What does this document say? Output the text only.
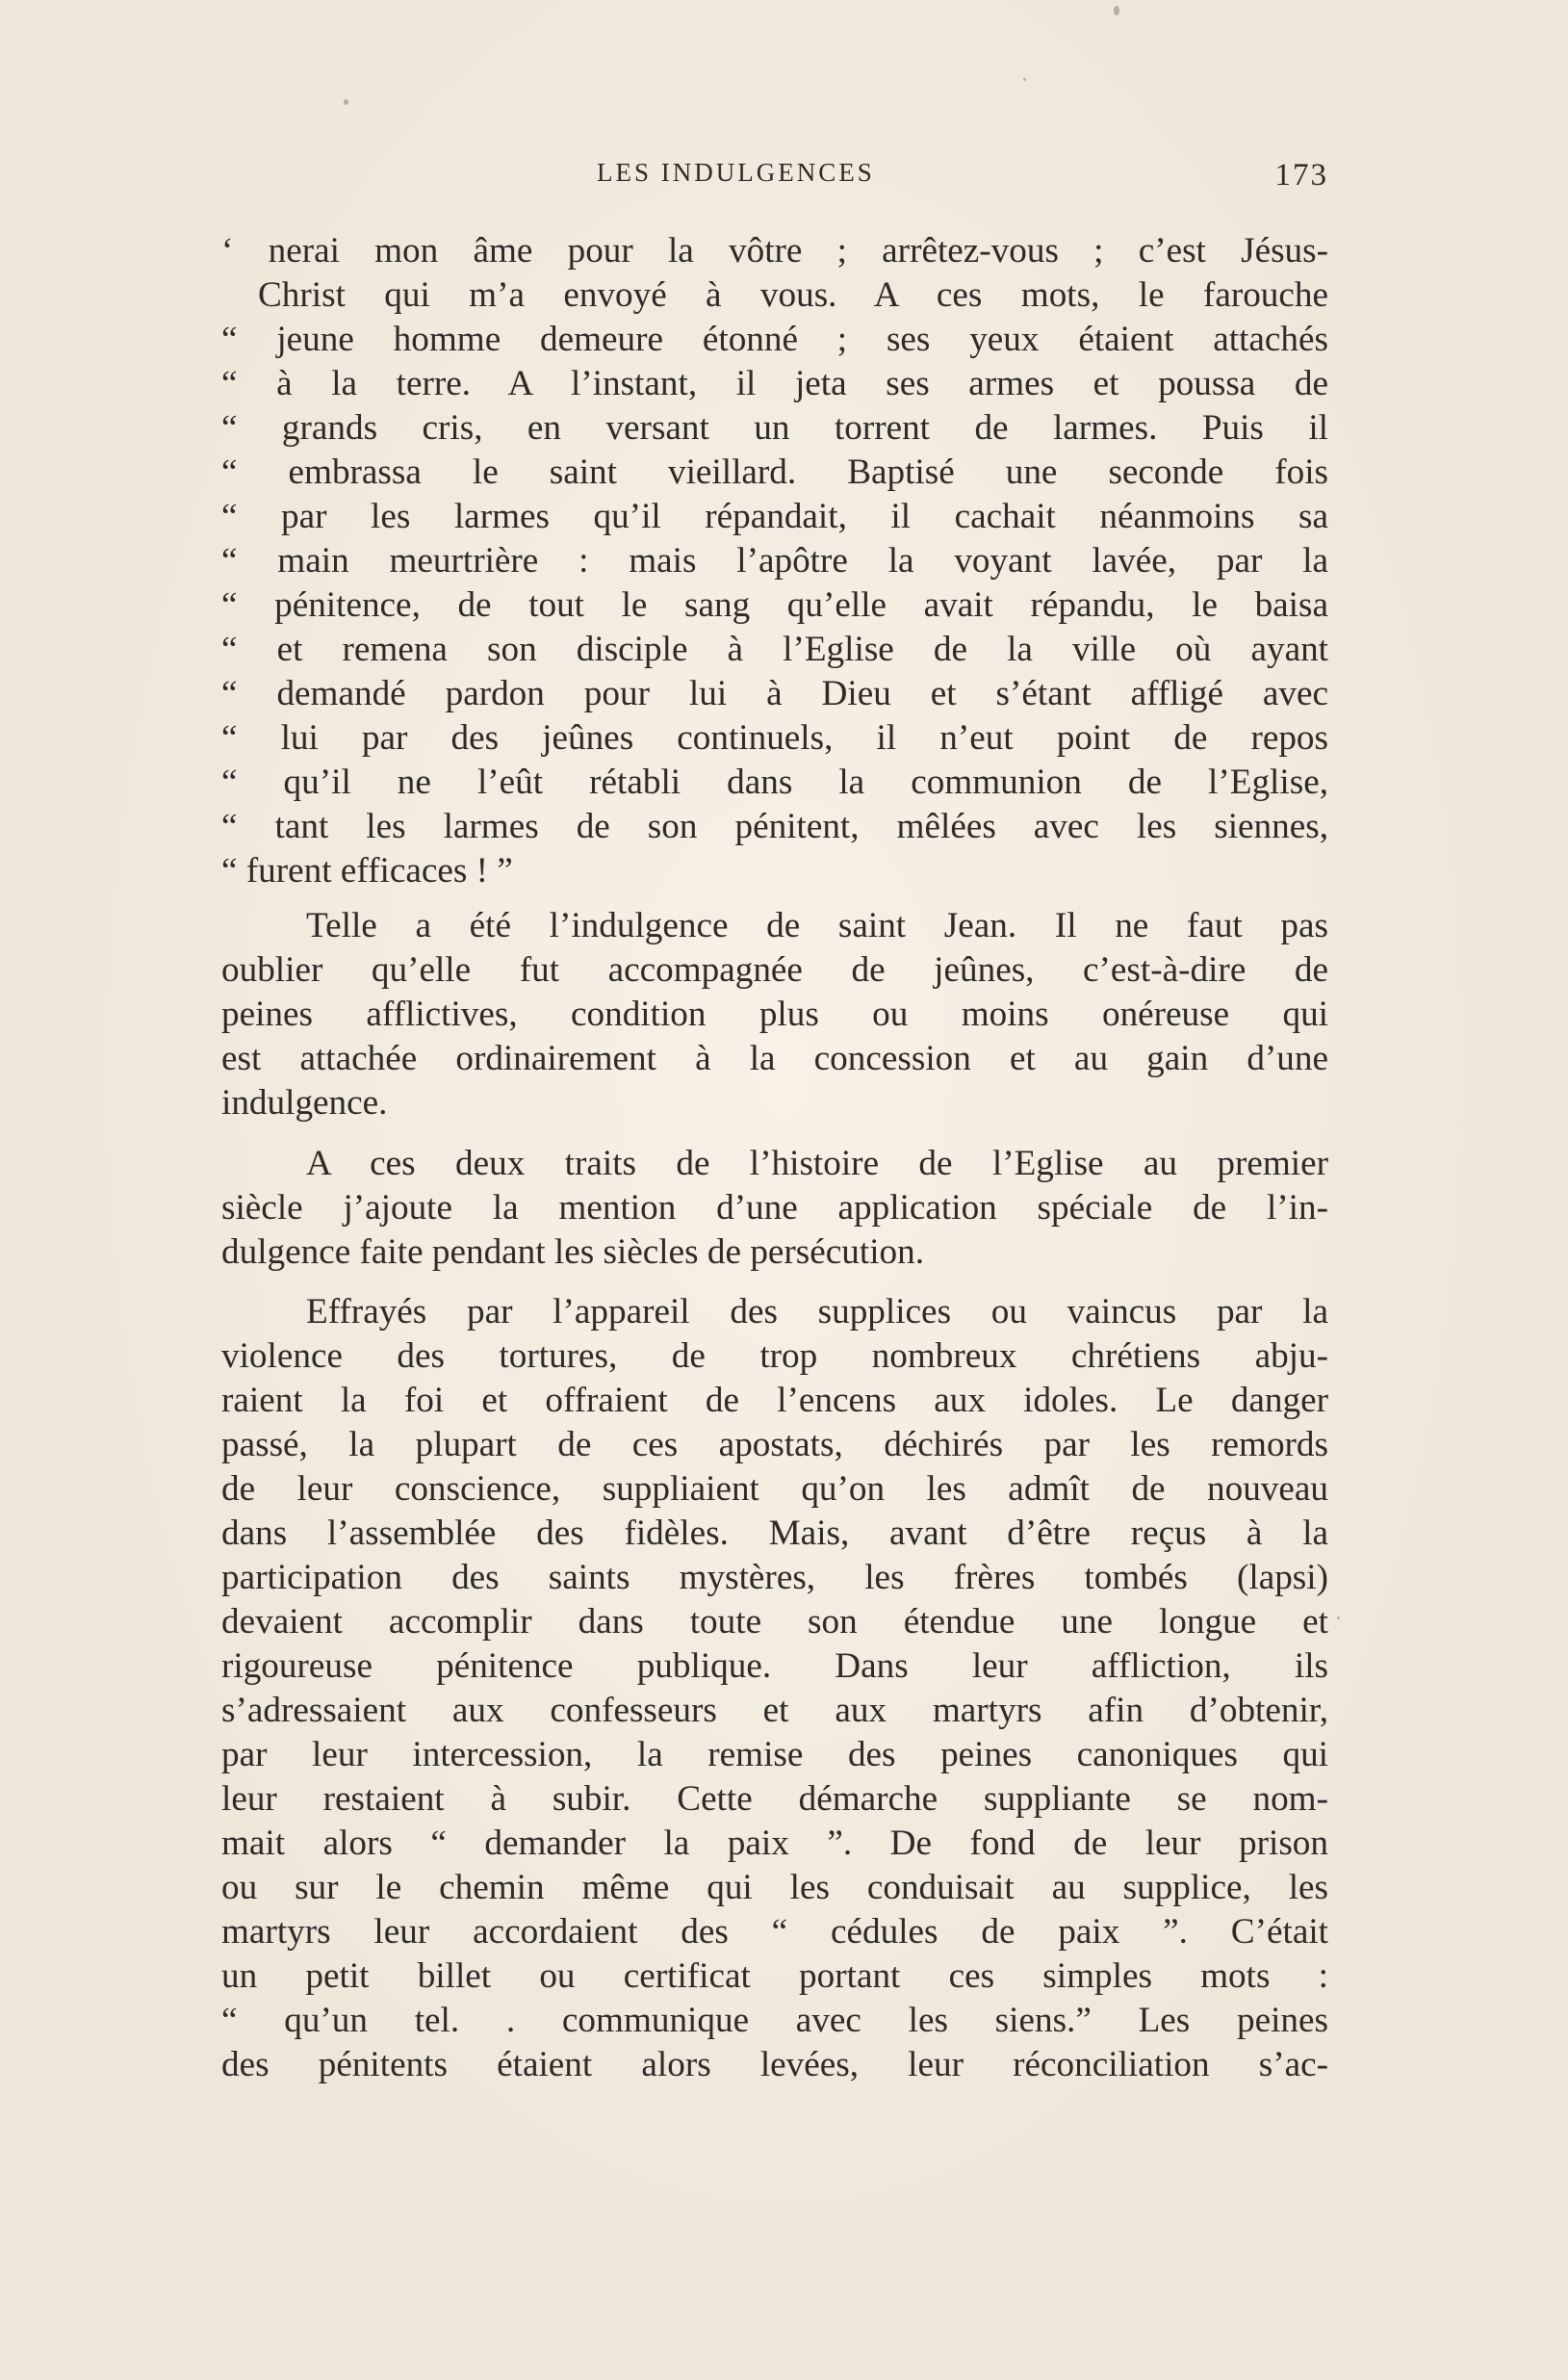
LES INDULGENCES	173
‘ nerai mon âme pour la vôtre ; arrêtez-vous ; c’est Jésus-
Christ qui m’a envoyé à vous. A ces mots, le farouche
“ jeune homme demeure étonné ; ses yeux étaient attachés
“ à la terre. A l’instant, il jeta ses armes et poussa de
“ grands cris, en versant un torrent de larmes. Puis il
“ embrassa le saint vieillard. Baptisé une seconde fois
“ par les larmes qu’il répandait, il cachait néanmoins sa
“ main meurtrière : mais l’apôtre la voyant lavée, par la
“ pénitence, de tout le sang qu’elle avait répandu, le baisa
“ et remena son disciple à l’Eglise de la ville où ayant
“ demandé pardon pour lui à Dieu et s’étant affligé avec
“ lui par des jeûnes continuels, il n’eut point de repos
“ qu’il ne l’eût rétabli dans la communion de l’Eglise,
“ tant les larmes de son pénitent, mêlées avec les siennes,
“ furent efficaces ! ”
Telle a été l’indulgence de saint Jean. Il ne faut pas
oublier qu’elle fut accompagnée de jeûnes, c’est-à-dire de
peines afflictives, condition plus ou moins onéreuse qui
est attachée ordinairement à la concession et au gain d’une
indulgence.
A ces deux traits de l’histoire de l’Eglise au premier
siècle j’ajoute la mention d’une application spéciale de l’in-
dulgence faite pendant les siècles de persécution.
Effrayés par l’appareil des supplices ou vaincus par la
violence des tortures, de trop nombreux chrétiens abju-
raient la foi et offraient de l’encens aux idoles. Le danger
passé, la plupart de ces apostats, déchirés par les remords
de leur conscience, suppliaient qu’on les admît de nouveau
dans l’assemblée des fidèles. Mais, avant d’être reçus à la
participation des saints mystères, les frères tombés (lapsi)
devaient accomplir dans toute son étendue une longue et
rigoureuse pénitence publique. Dans leur affliction, ils
s’adressaient aux confesseurs et aux martyrs afin d’obtenir,
par leur intercession, la remise des peines canoniques qui
leur restaient à subir. Cette démarche suppliante se nom-
mait alors “ demander la paix ”. De fond de leur prison
ou sur le chemin même qui les conduisait au supplice, les
martyrs leur accordaient des “ cédules de paix ”. C’était
un petit billet ou certificat portant ces simples mots :
“ qu’un tel. . communique avec les siens.” Les peines
des pénitents étaient alors levées, leur réconciliation s’ac-
